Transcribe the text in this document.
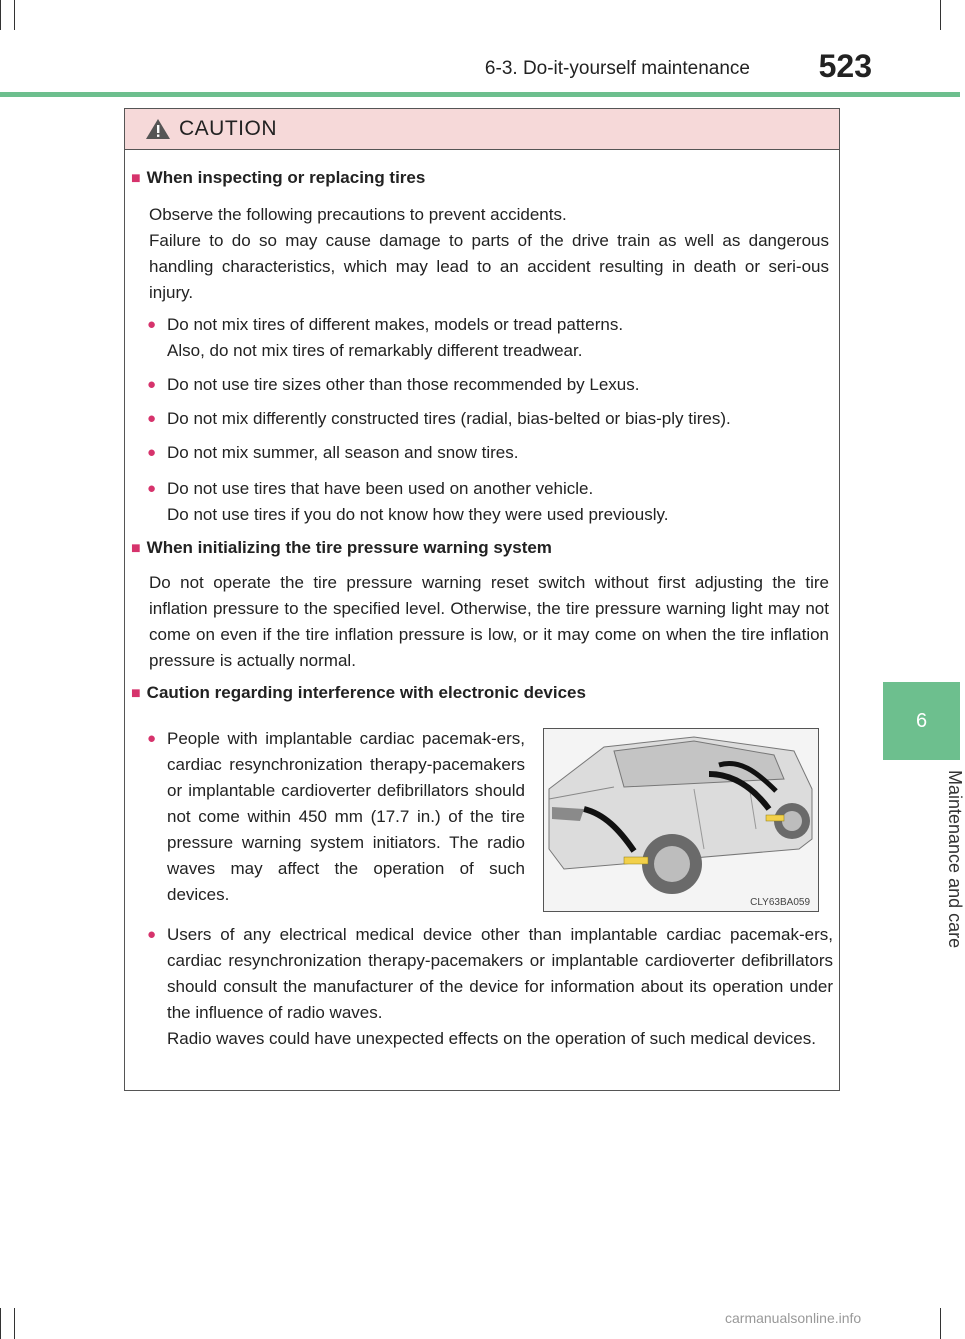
6-3. Do-it-yourself maintenance	523
6
Maintenance and care
CAUTION
■ When inspecting or replacing tires
Observe the following precautions to prevent accidents.
Failure to do so may cause damage to parts of the drive train as well as dangerous handling characteristics, which may lead to an accident resulting in death or seri-ous injury.
● Do not mix tires of different makes, models or tread patterns.
Also, do not mix tires of remarkably different treadwear.
● Do not use tire sizes other than those recommended by Lexus.
● Do not mix differently constructed tires (radial, bias-belted or bias-ply tires).
● Do not mix summer, all season and snow tires.
● Do not use tires that have been used on another vehicle.
Do not use tires if you do not know how they were used previously.
■ When initializing the tire pressure warning system
Do not operate the tire pressure warning reset switch without first adjusting the tire inflation pressure to the specified level. Otherwise, the tire pressure warning light may not come on even if the tire inflation pressure is low, or it may come on when the tire inflation pressure is actually normal.
■ Caution regarding interference with electronic devices
● People with implantable cardiac pacemak-ers, cardiac resynchronization therapy-pacemakers or implantable cardioverter defibrillators should not come within 450 mm (17.7 in.) of the tire pressure warning system initiators. The radio waves may affect the operation of such devices.	CLY63BA059
● Users of any electrical medical device other than implantable cardiac pacemak-ers, cardiac resynchronization therapy-pacemakers or implantable cardioverter defibrillators should consult the manufacturer of the device for information about its operation under the influence of radio waves.
Radio waves could have unexpected effects on the operation of such medical devices.
carmanualsonline.info
